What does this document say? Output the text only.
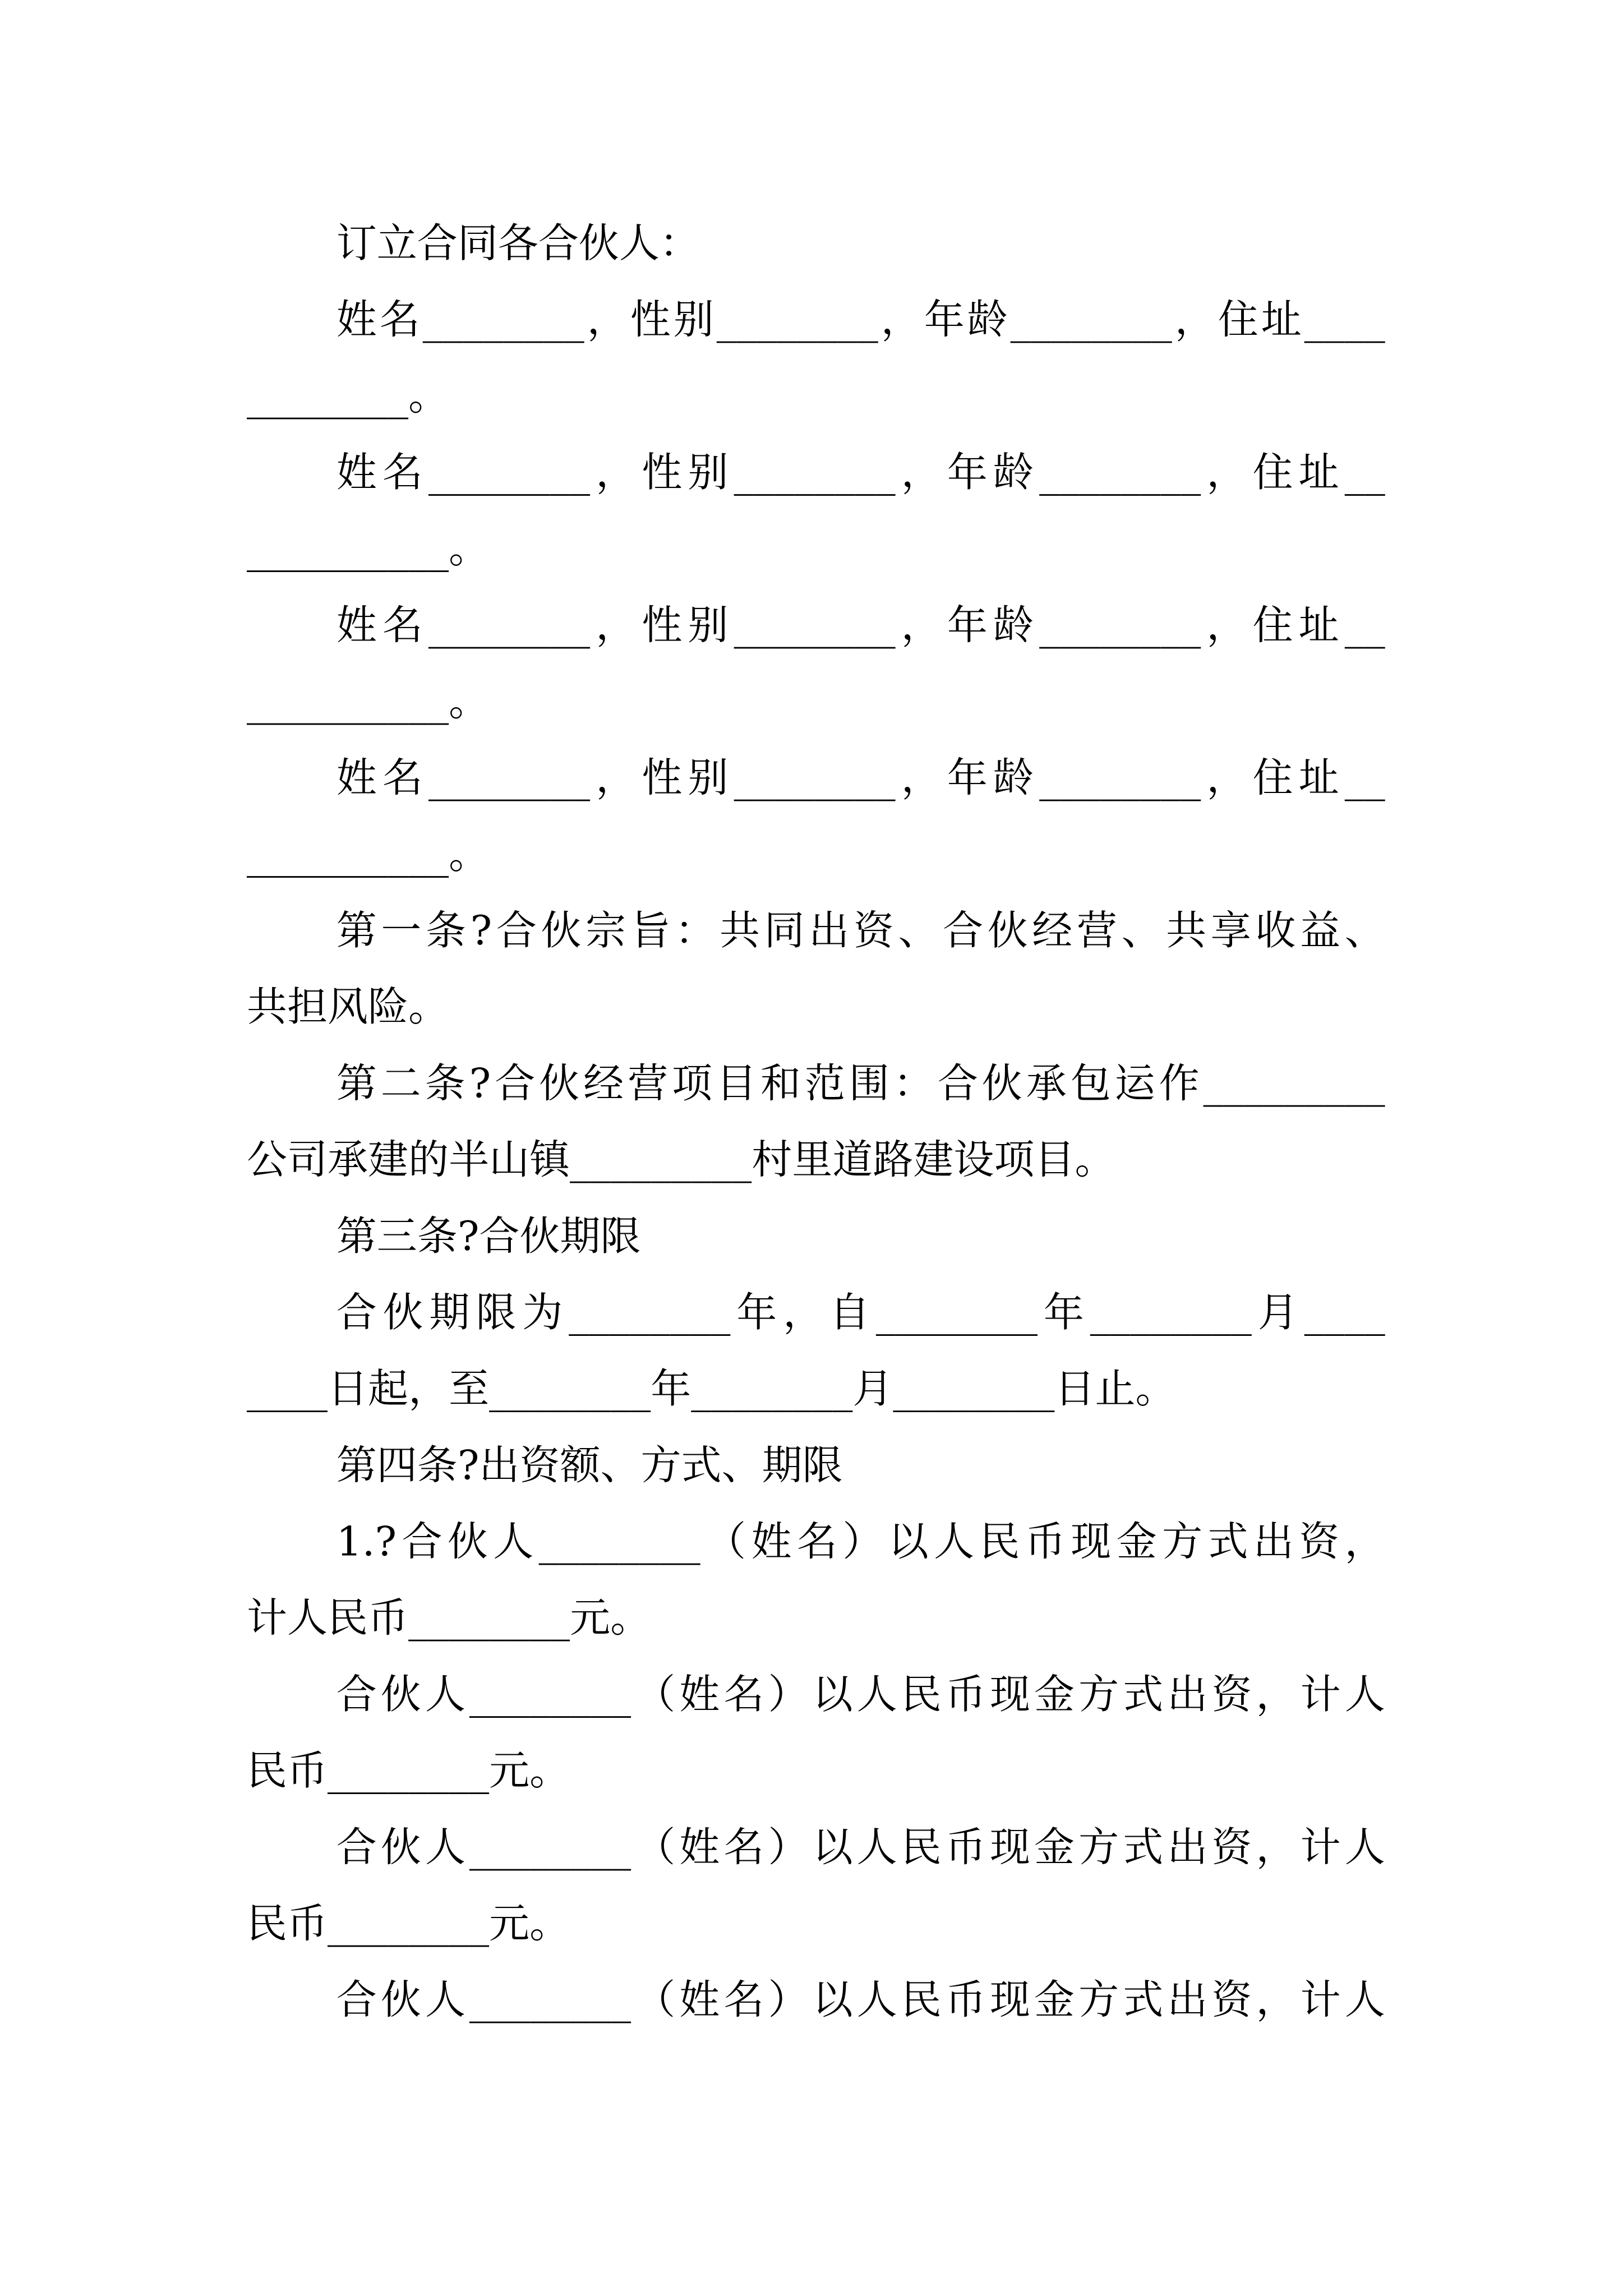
订立合同各合伙人：
姓名________，性别________，年龄________，住址____
________。
姓名________，性别________，年龄________，住址__
__________。
姓名________，性别________，年龄________，住址__
__________。
姓名________，性别________，年龄________，住址__
__________。
第一条?合伙宗旨：共同出资、合伙经营、共享收益、
共担风险。
第二条?合伙经营项目和范围：合伙承包运作_________
公司承建的半山镇_________村里道路建设项目。
第三条?合伙期限
合伙期限为________年，自________年________月____
____日起，至________年________月________日止。
第四条?出资额、方式、期限
1.?合伙人________（姓名）以人民币现金方式出资，
计人民币________元。
合伙人________（姓名）以人民币现金方式出资，计人
民币________元。
合伙人________（姓名）以人民币现金方式出资，计人
民币________元。
合伙人________（姓名）以人民币现金方式出资，计人
